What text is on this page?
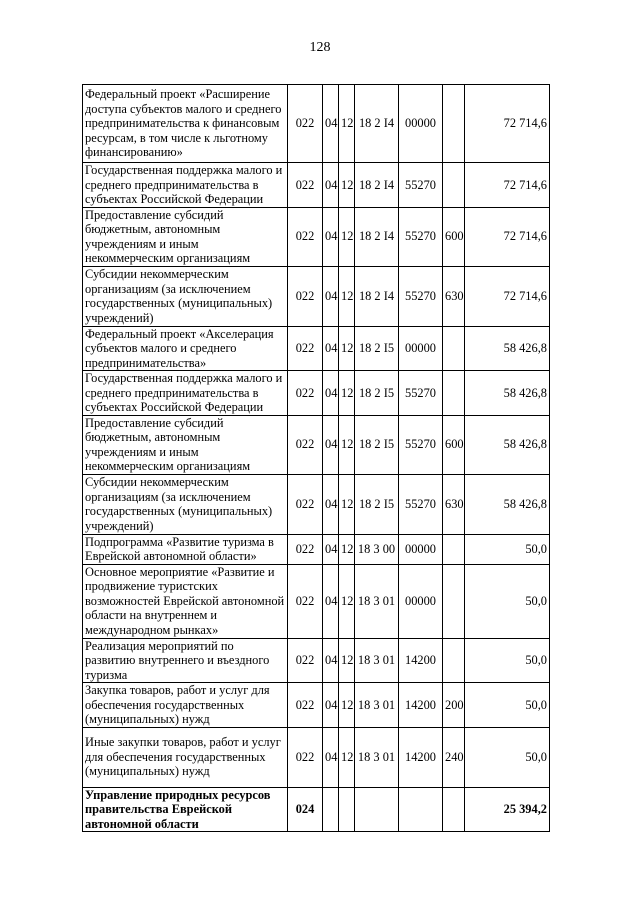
128
Федеральный проект «Расширение доступа субъектов малого и среднего предпринимательства к финансовым ресурсам, в том числе к льготному финансированию»	022	04	12	18 2 I4	00000		72 714,6
Государственная поддержка малого и среднего предпринимательства в субъектах Российской Федерации	022	04	12	18 2 I4	55270		72 714,6
Предоставление субсидий бюджетным, автономным учреждениям и иным некоммерческим организациям	022	04	12	18 2 I4	55270	600	72 714,6
Субсидии некоммерческим организациям (за исключением государственных (муниципальных) учреждений)	022	04	12	18 2 I4	55270	630	72 714,6
Федеральный проект «Акселерация субъектов малого и среднего предпринимательства»	022	04	12	18 2 I5	00000		58 426,8
Государственная поддержка малого и среднего предпринимательства в субъектах Российской Федерации	022	04	12	18 2 I5	55270		58 426,8
Предоставление субсидий бюджетным, автономным учреждениям и иным некоммерческим организациям	022	04	12	18 2 I5	55270	600	58 426,8
Субсидии некоммерческим организациям (за исключением государственных (муниципальных) учреждений)	022	04	12	18 2 I5	55270	630	58 426,8
Подпрограмма «Развитие туризма в Еврейской автономной области»	022	04	12	18 3 00	00000		50,0
Основное мероприятие «Развитие и продвижение туристских возможностей Еврейской автономной области на внутреннем и международном рынках»	022	04	12	18 3 01	00000		50,0
Реализация мероприятий по развитию внутреннего и въездного туризма	022	04	12	18 3 01	14200		50,0
Закупка товаров, работ и услуг для обеспечения государственных (муниципальных) нужд	022	04	12	18 3 01	14200	200	50,0
Иные закупки товаров, работ и услуг для обеспечения государственных (муниципальных) нужд	022	04	12	18 3 01	14200	240	50,0
Управление природных ресурсов правительства Еврейской автономной области	024						25 394,2
